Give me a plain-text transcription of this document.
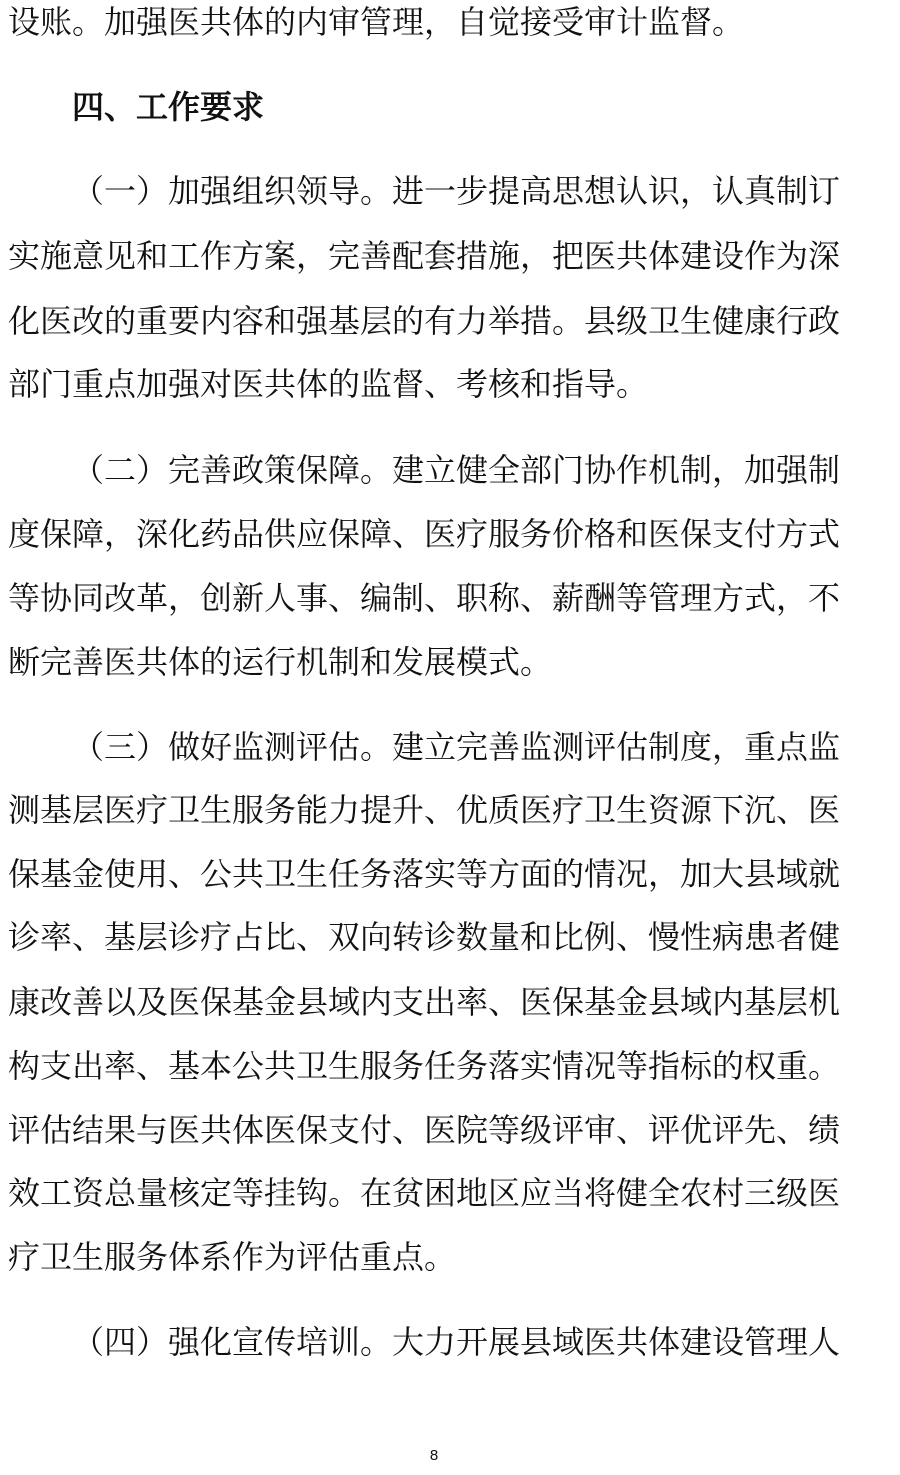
设账。加强医共体的内审管理，自觉接受审计监督。
四、工作要求
（一）加强组织领导。进一步提高思想认识，认真制订
实施意见和工作方案，完善配套措施，把医共体建设作为深
化医改的重要内容和强基层的有力举措。县级卫生健康行政
部门重点加强对医共体的监督、考核和指导。
（二）完善政策保障。建立健全部门协作机制，加强制
度保障，深化药品供应保障、医疗服务价格和医保支付方式
等协同改革，创新人事、编制、职称、薪酬等管理方式，不
断完善医共体的运行机制和发展模式。
（三）做好监测评估。建立完善监测评估制度，重点监
测基层医疗卫生服务能力提升、优质医疗卫生资源下沉、医
保基金使用、公共卫生任务落实等方面的情况，加大县域就
诊率、基层诊疗占比、双向转诊数量和比例、慢性病患者健
康改善以及医保基金县域内支出率、医保基金县域内基层机
构支出率、基本公共卫生服务任务落实情况等指标的权重。
评估结果与医共体医保支付、医院等级评审、评优评先、绩
效工资总量核定等挂钩。在贫困地区应当将健全农村三级医
疗卫生服务体系作为评估重点。
（四）强化宣传培训。大力开展县域医共体建设管理人
8
